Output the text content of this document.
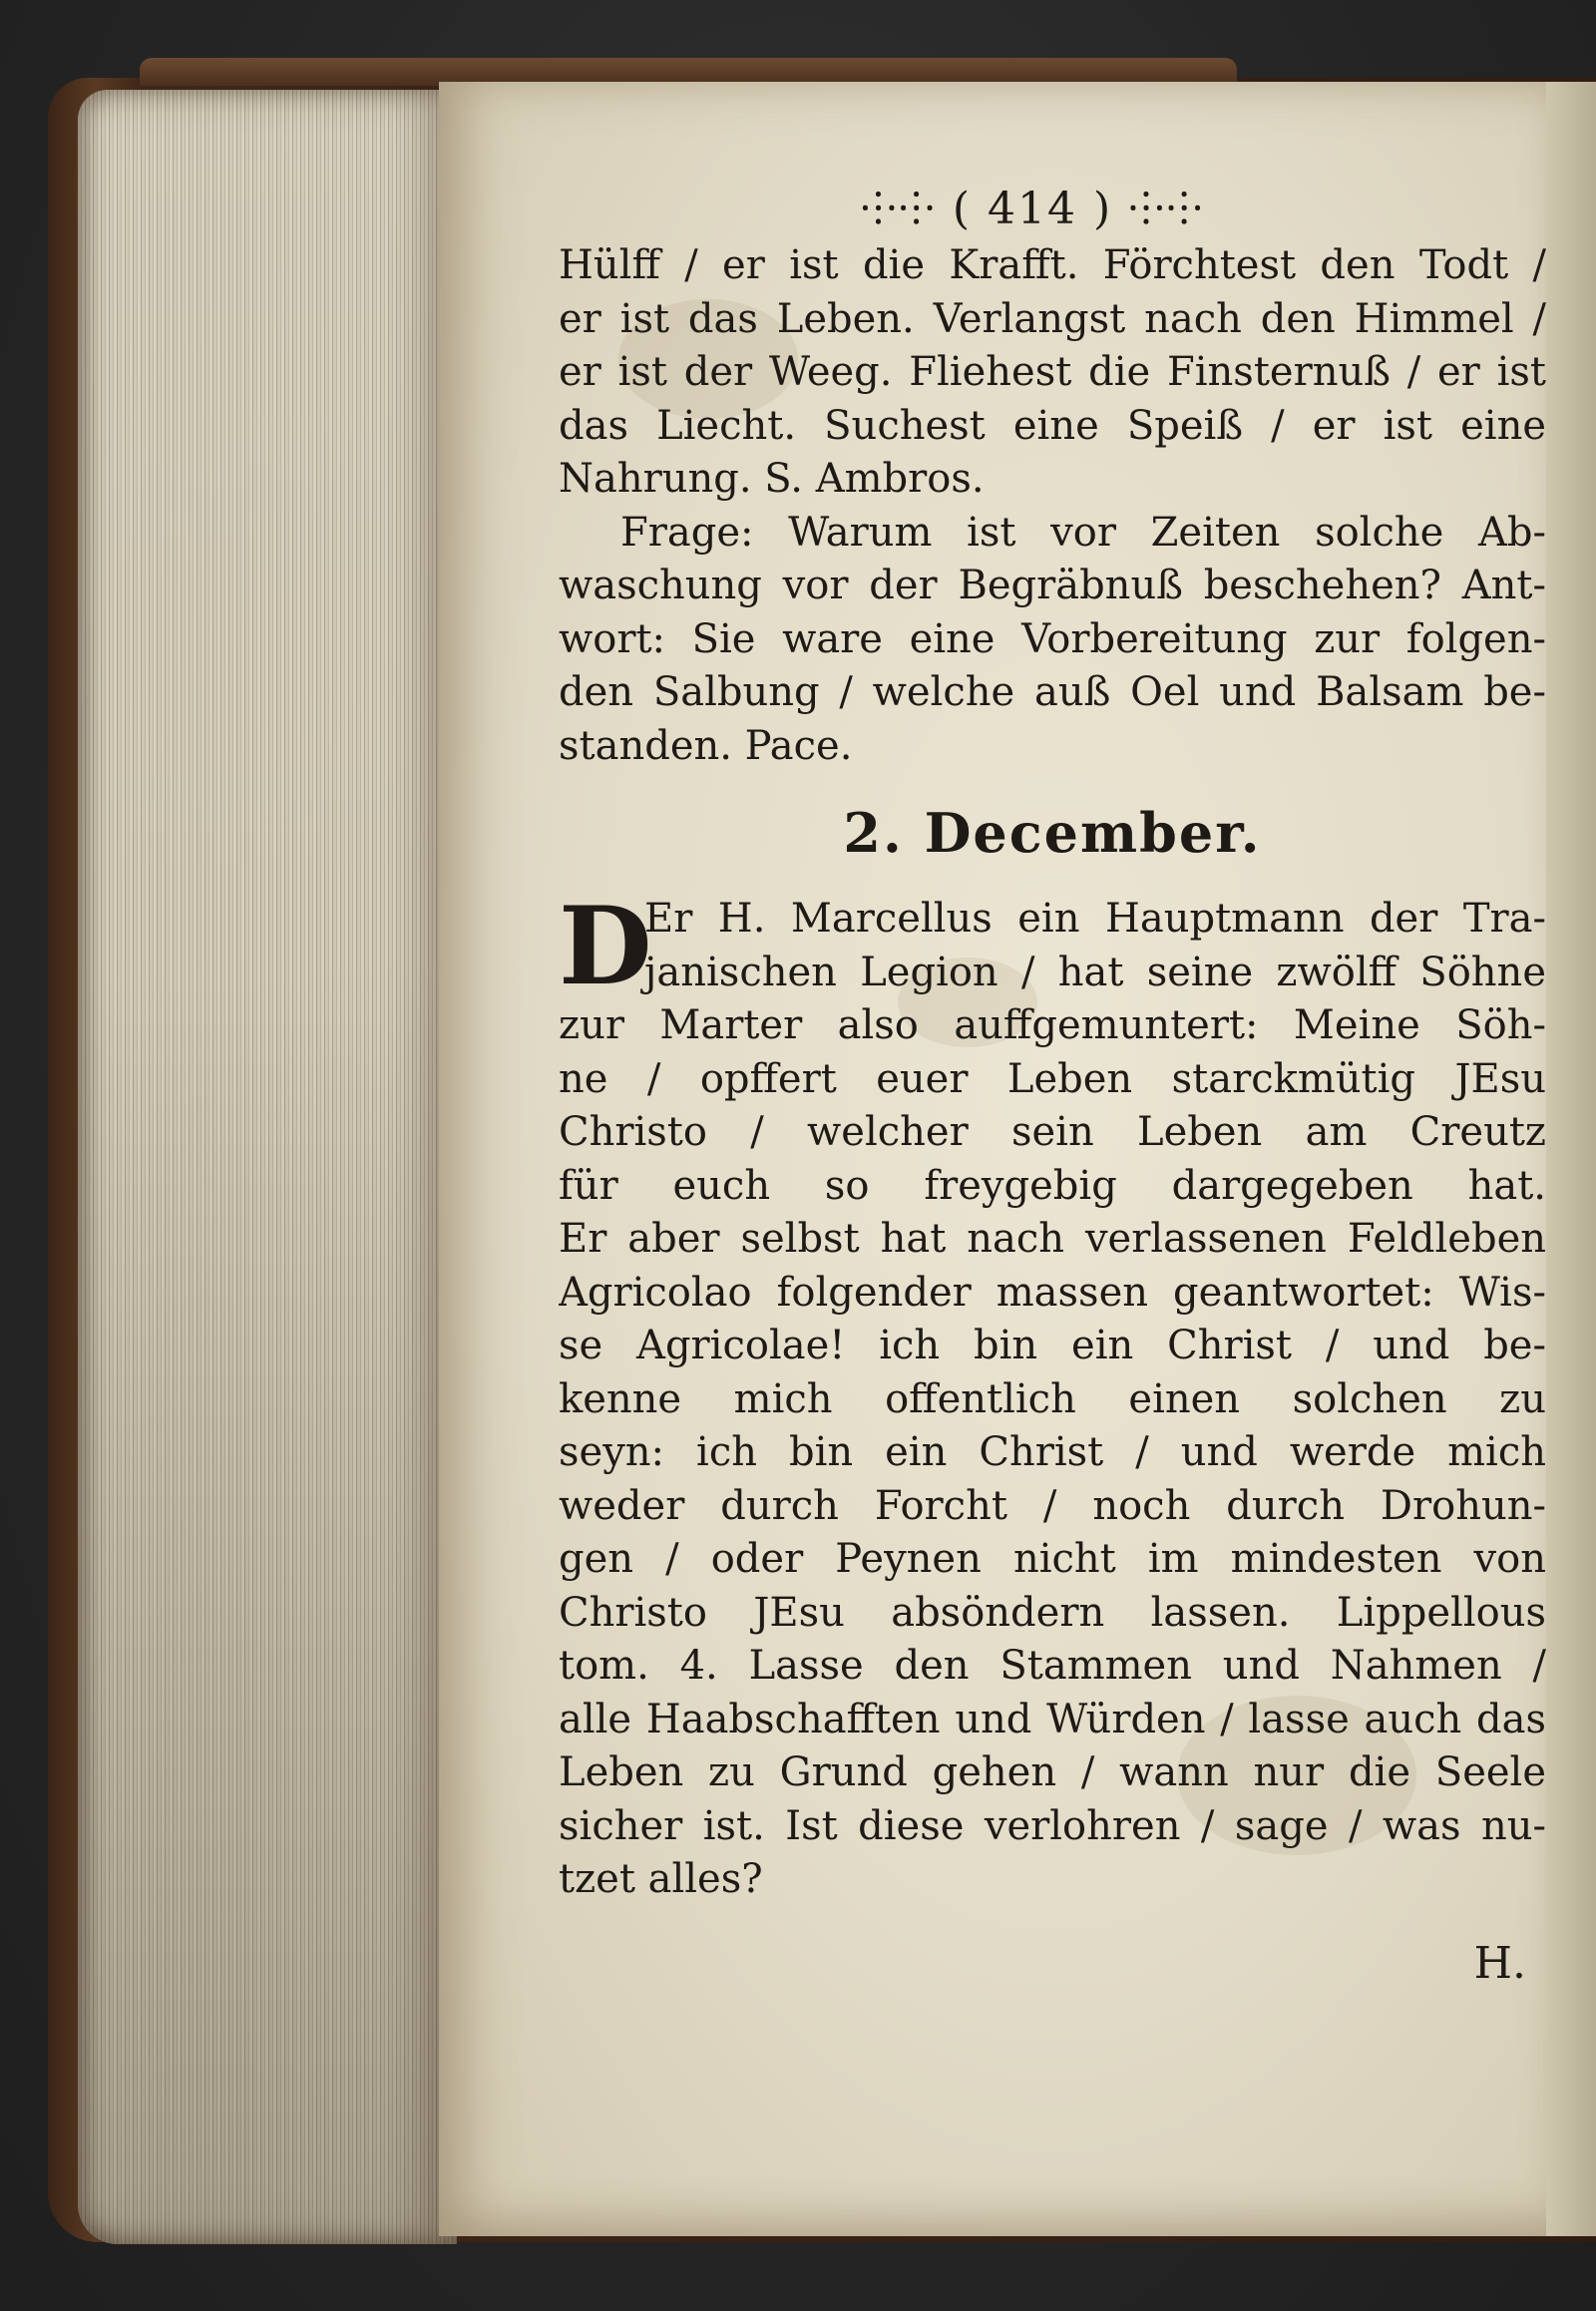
⸭⸭ ( 414 ) ⸭⸭
Hülff / er ist die Krafft. Förchtest den Todt /
er ist das Leben. Verlangst nach den Himmel /
er ist der Weeg. Fliehest die Finsternuß / er ist
das Liecht. Suchest eine Speiß / er ist eine
Nahrung. S. Ambros.
Frage: Warum ist vor Zeiten solche Ab-
waschung vor der Begräbnuß beschehen? Ant-
wort: Sie ware eine Vorbereitung zur folgen-
den Salbung / welche auß Oel und Balsam be-
standen. Pace.
2. December.
D
Er H. Marcellus ein Hauptmann der Tra-
janischen Legion / hat seine zwölff Söhne
zur Marter also auffgemuntert: Meine Söh-
ne / opffert euer Leben starckmütig JEsu
Christo / welcher sein Leben am Creutz
für euch so freygebig dargegeben hat.
Er aber selbst hat nach verlassenen Feldleben
Agricolao folgender massen geantwortet: Wis-
se Agricolae! ich bin ein Christ / und be-
kenne mich offentlich einen solchen zu
seyn: ich bin ein Christ / und werde mich
weder durch Forcht / noch durch Drohun-
gen / oder Peynen nicht im mindesten von
Christo JEsu absöndern lassen. Lippellous
tom. 4. Lasse den Stammen und Nahmen /
alle Haabschafften und Würden / lasse auch das
Leben zu Grund gehen / wann nur die Seele
sicher ist. Ist diese verlohren / sage / was nu-
tzet alles?
H.
